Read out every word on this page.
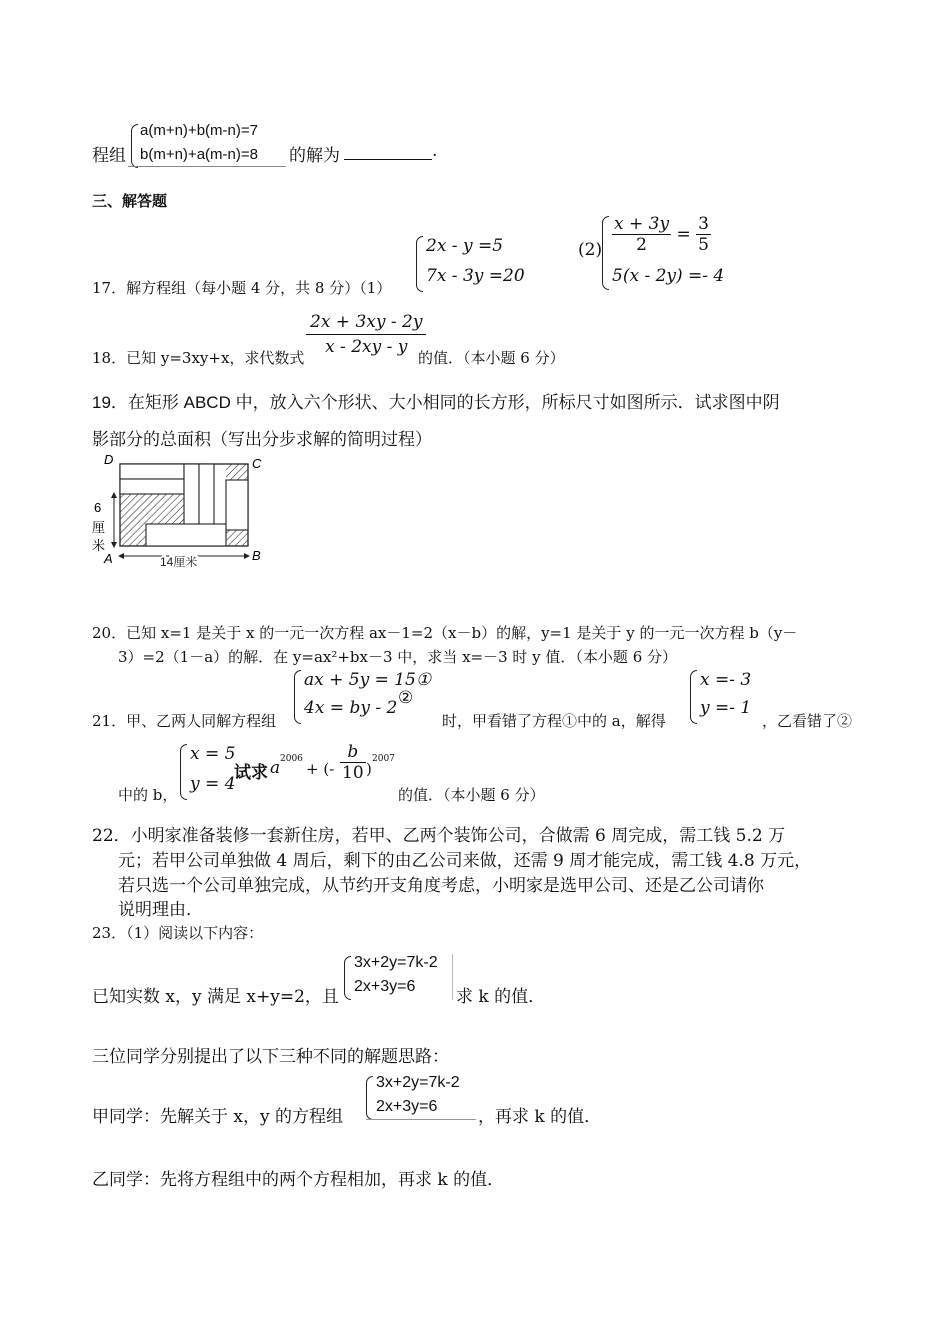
程组
a(m+n)+b(m-n)=7
b(m+n)+a(m-n)=8 的解为	.
三、解答题
17．解方程组（每小题 4 分，共 8 分）（1）
2x - y =5
7x - 3y =20
$(2) \frac{x + 3y}{2} = \frac{3}{5}$
5(x - 2y) =- 4
18．已知 y=3xy+x，求代数式
$\frac{2x + 3xy - 2y}{x - 2xy - y}$
的值．（本小题 6 分）
19．在矩形 ABCD 中，放入六个形状、大小相同的长方形，所标尺寸如图所示．试求图中阴
影部分的总面积（写出分步求解的简明过程）
D	C
A	B
6
厘
米
14厘米
20．已知 x=1 是关于 x 的一元一次方程 ax－1=2（x－b）的解，y=1 是关于 y 的一元一次方程 b（y－
3）=2（1－a）的解．在 y=ax²+bx－3 中，求当 x=－3 时 y 值．（本小题 6 分）
21．甲、乙两人同解方程组
ax + 5y = 15①
4x = by - 2 ②
时，甲看错了方程①中的 a，解得
x =- 3
y =- 1
，乙看错了②
中的 b，
x = 5
y = 4
试求 a 2006
+ (- $\frac{b}{10}$ )
2007
的值．（本小题 6 分）
22．小明家准备装修一套新住房，若甲、乙两个装饰公司，合做需 6 周完成，需工钱 5.2 万
元；若甲公司单独做 4 周后，剩下的由乙公司来做，还需 9 周才能完成，需工钱 4.8 万元，
若只选一个公司单独完成，从节约开支角度考虑，小明家是选甲公司、还是乙公司请你
说明理由．
23．（1）阅读以下内容：
已知实数 x，y 满足 x+y=2，且
3x+2y=7k-2
2x+3y=6
求 k 的值．
三位同学分别提出了以下三种不同的解题思路：
甲同学：先解关于 x，y 的方程组
3x+2y=7k-2
2x+3y=6
，再求 k 的值．
乙同学：先将方程组中的两个方程相加，再求 k 的值．
